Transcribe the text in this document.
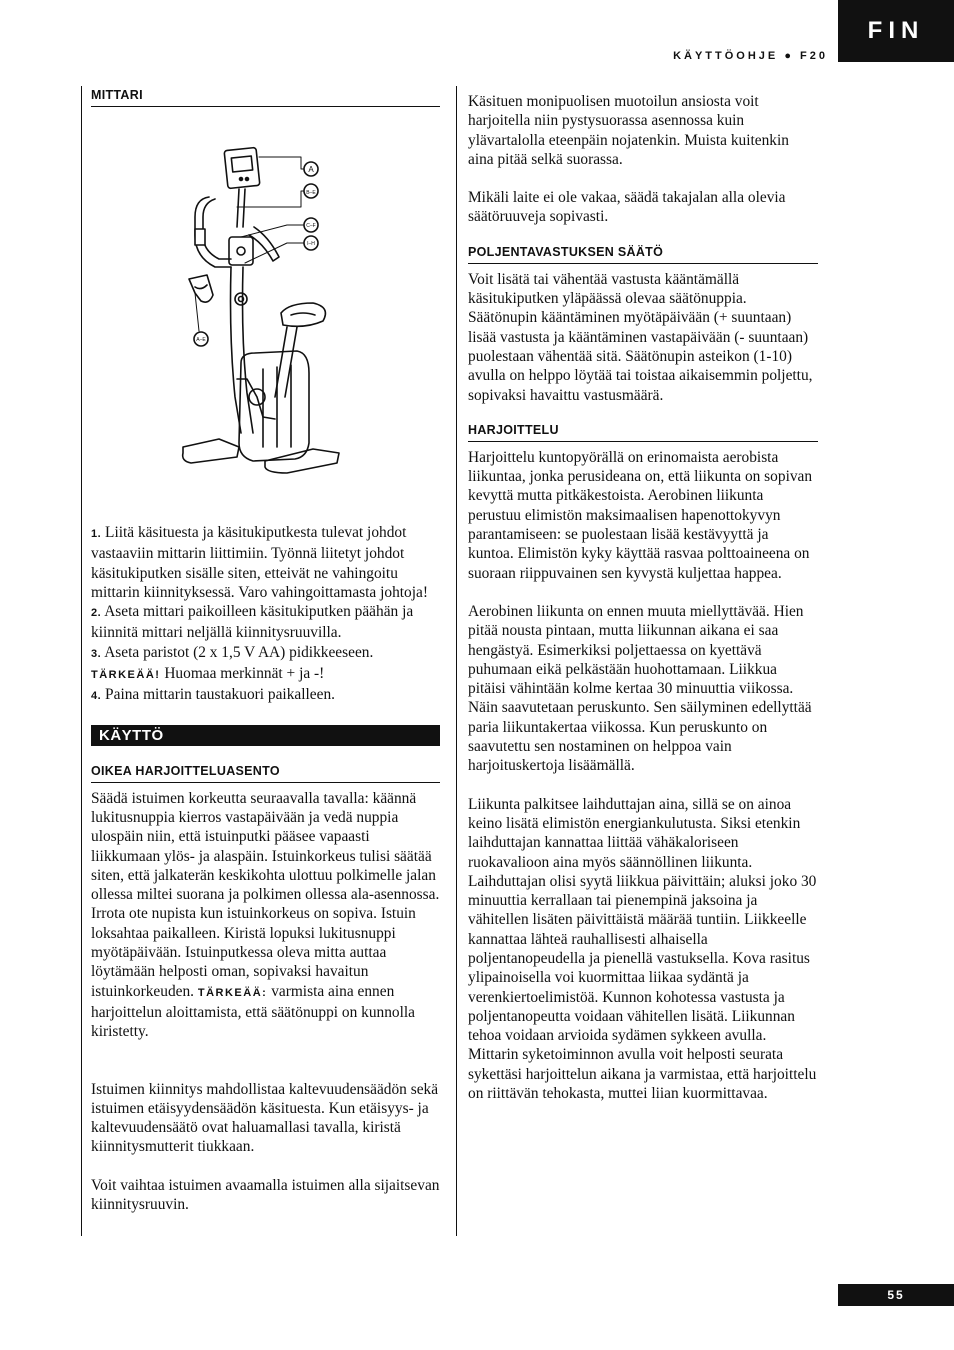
FIN
KÄYTTÖOHJE ● F20
MITTARI
A
B–E
C–F
I–H
A–E

1. Liitä käsituesta ja käsitukiputkesta tulevat johdot vastaaviin mittarin liittimiin. Työnnä liitetyt johdot käsitukiputken sisälle siten, etteivät ne vahingoitu mittarin kiinnityksessä. Varo vahingoittamasta johtoja!

2. Aseta mittari paikoilleen käsitukiputken päähän ja kiinnitä mittari neljällä kiinnitysruuvilla.

3. Aseta paristot (2 x 1,5 V AA) pidikkeeseen.

TÄRKEÄÄ! Huomaa merkinnät + ja -!

4. Paina mittarin taustakuori paikalleen.

KÄYTTÖ
OIKEA HARJOITTELUASENTO

Säädä istuimen korkeutta seuraavalla tavalla: käännä lukitusnuppia kierros vastapäivään ja vedä nuppia ulospäin niin, että istuinputki pääsee vapaasti liikkumaan ylös- ja alaspäin. Istuinkorkeus tulisi säätää siten, että jalkaterän keskikohta ulottuu polkimelle jalan ollessa miltei suorana ja polkimen ollessa ala-asennossa. Irrota ote nupista kun istuinkorkeus on sopiva. Istuin loksahtaa paikalleen. Kiristä lopuksi lukitusnuppi myötäpäivään. Istuinputkessa oleva mitta auttaa löytämään helposti oman, sopivaksi havaitun istuinkorkeuden. TÄRKEÄÄ: varmista aina ennen harjoittelun aloittamista, että säätönuppi on kunnolla kiristetty.

Istuimen kiinnitys mahdollistaa kaltevuudensäädön sekä istuimen etäisyydensäädön käsituesta. Kun etäisyys- ja kaltevuudensäätö ovat haluamallasi tavalla, kiristä kiinnitysmutterit tiukkaan.

Voit vaihtaa istuimen avaamalla istuimen alla sijaitsevan kiinnitysruuvin.

Käsituen monipuolisen muotoilun ansiosta voit harjoitella niin pystysuorassa asennossa kuin ylävartalolla eteenpäin nojatenkin. Muista kuitenkin aina pitää selkä suorassa.

Mikäli laite ei ole vakaa, säädä takajalan alla olevia säätöruuveja sopivasti.

POLJENTAVASTUKSEN SÄÄTÖ

Voit lisätä tai vähentää vastusta kääntämällä käsitukiputken yläpäässä olevaa säätönuppia. Säätönupin kääntäminen myötäpäivään (+ suuntaan) lisää vastusta ja kääntäminen vastapäivään (- suuntaan) puolestaan vähentää sitä. Säätönupin asteikon (1-10) avulla on helppo löytää tai toistaa aikaisemmin poljettu, sopivaksi havaittu vastusmäärä.

HARJOITTELU

Harjoittelu kuntopyörällä on erinomaista aerobista liikuntaa, jonka perusideana on, että liikunta on sopivan kevyttä mutta pitkäkestoista. Aerobinen liikunta perustuu elimistön maksimaalisen hapenottokyvyn parantamiseen: se puolestaan lisää kestävyyttä ja kuntoa. Elimistön kyky käyttää rasvaa polttoaineena on suoraan riippuvainen sen kyvystä kuljettaa happea.

Aerobinen liikunta on ennen muuta miellyttävää. Hien pitää nousta pintaan, mutta liikunnan aikana ei saa hengästyä. Esimerkiksi poljettaessa on kyettävä puhumaan eikä pelkästään huohottamaan. Liikkua pitäisi vähintään kolme kertaa 30 minuuttia viikossa. Näin saavutetaan peruskunto. Sen säilyminen edellyttää paria liikuntakertaa viikossa. Kun peruskunto on saavutettu sen nostaminen on helppoa vain harjoituskertoja lisäämällä.

Liikunta palkitsee laihduttajan aina, sillä se on ainoa keino lisätä elimistön energiankulutusta. Siksi etenkin laihduttajan kannattaa liittää vähäkaloriseen ruokavalioon aina myös säännöllinen liikunta. Laihduttajan olisi syytä liikkua päivittäin; aluksi joko 30 minuuttia kerrallaan tai pienempinä jaksoina ja vähitellen lisäten päivittäistä määrää tuntiin. Liikkeelle kannattaa lähteä rauhallisesti alhaisella poljentanopeudella ja pienellä vastuksella. Kova rasitus ylipainoisella voi kuormittaa liikaa sydäntä ja verenkiertoelimistöä. Kunnon kohotessa vastusta ja poljentanopeutta voidaan vähitellen lisätä. Liikunnan tehoa voidaan arvioida sydämen sykkeen avulla. Mittarin syketoiminnon avulla voit helposti seurata sykettäsi harjoittelun aikana ja varmistaa, että harjoittelu on riittävän tehokasta, muttei liian kuormittavaa.

55
